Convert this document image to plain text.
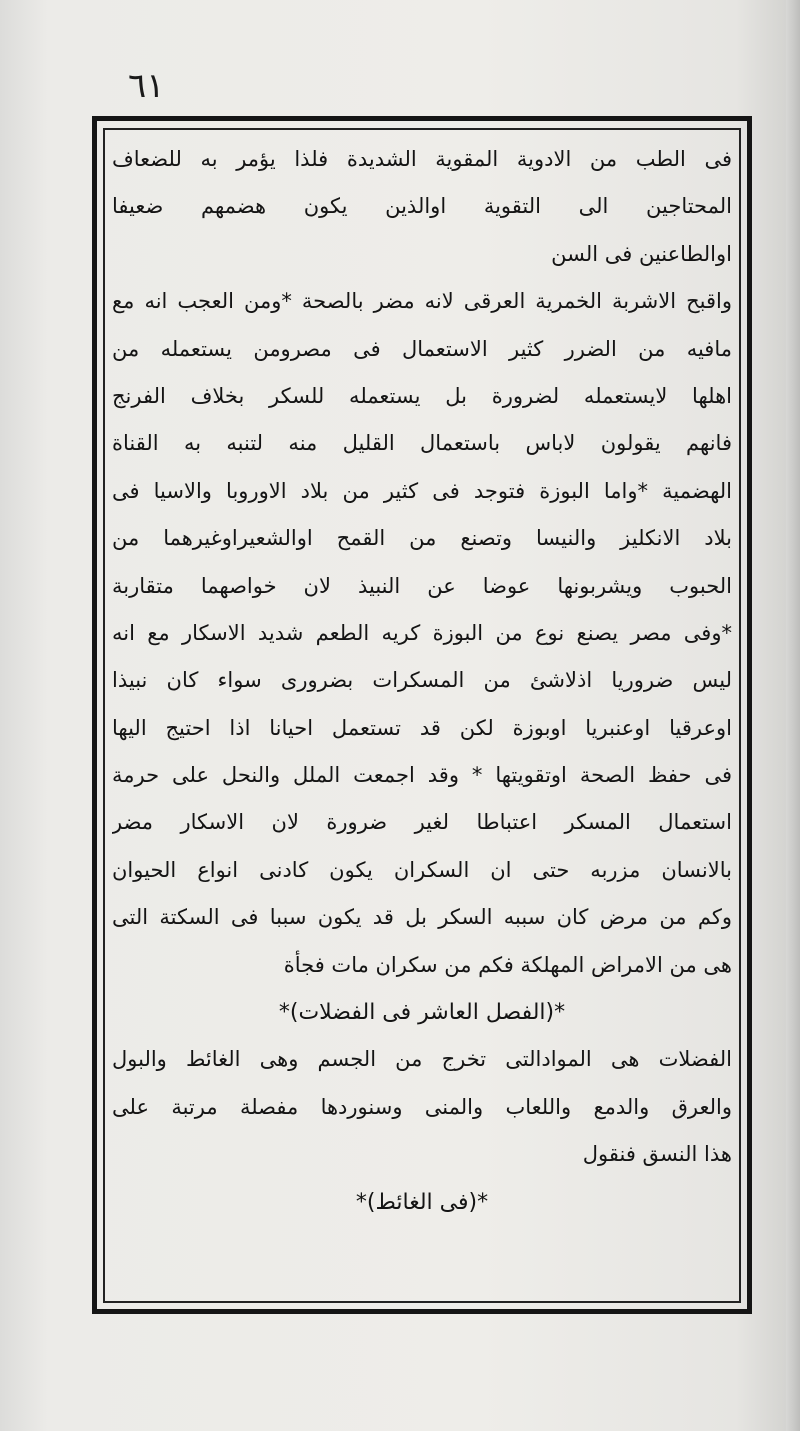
٦١
فى الطب من الادوية المقوية الشديدة فلذا يؤمر به للضعاف
المحتاجين الى التقوية اوالذين يكون هضمهم ضعيفا
اوالطاعنين فى السن
واقبح الاشربة الخمرية العرقى لانه مضر بالصحة *ومن العجب انه مع
مافيه من الضرر كثير الاستعمال فى مصرومن يستعمله من
اهلها لايستعمله لضرورة بل يستعمله للسكر بخلاف الفرنج
فانهم يقولون لاباس باستعمال القليل منه لتنبه به القناة
الهضمية *واما البوزة فتوجد فى كثير من بلاد الاوروبا والاسيا فى
بلاد الانكليز والنيسا وتصنع من القمح اوالشعيراوغيرهما من
الحبوب ويشربونها عوضا عن النبيذ لان خواصهما متقاربة
*وفى مصر يصنع نوع من البوزة كريه الطعم شديد الاسكار مع انه
ليس ضروريا اذلاشئ من المسكرات بضرورى سواء كان نبيذا
اوعرقيا اوعنبريا اوبوزة لكن قد تستعمل احيانا اذا احتيج اليها
فى حفظ الصحة اوتقويتها * وقد اجمعت الملل والنحل على حرمة
استعمال المسكر اعتباطا لغير ضرورة لان الاسكار مضر
بالانسان مزربه حتى ان السكران يكون كادنى انواع الحيوان
وكم من مرض كان سببه السكر بل قد يكون سببا فى السكتة التى
هى من الامراض المهلكة فكم من سكران مات فجأة
*(الفصل العاشر فى الفضلات)*
الفضلات هى الموادالتى تخرج من الجسم وهى الغائط والبول
والعرق والدمع واللعاب والمنى وسنوردها مفصلة مرتبة على
هذا النسق فنقول
*(فى الغائط)*
